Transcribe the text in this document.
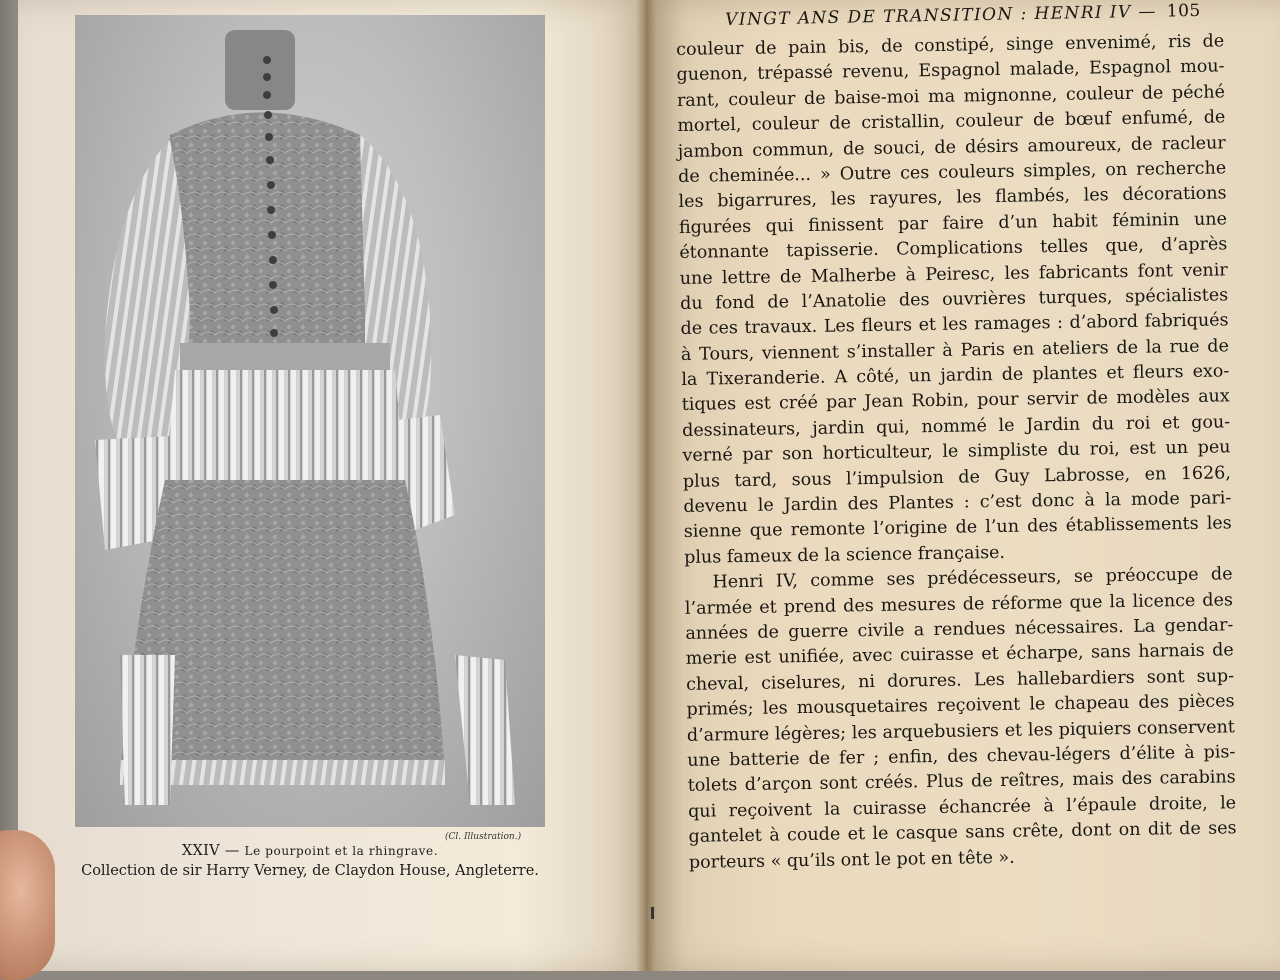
(Cl. Illustration.)
XXIV — Le pourpoint et la rhingrave.
Collection de sir Harry Verney, de Claydon House, Angleterre.
VINGT ANS DE TRANSITION : HENRI IV — 105
couleur de pain bis, de constipé, singe envenimé, ris de
guenon, trépassé revenu, Espagnol malade, Espagnol mou-
rant, couleur de baise-moi ma mignonne, couleur de péché
mortel, couleur de cristallin, couleur de bœuf enfumé, de
jambon commun, de souci, de désirs amoureux, de racleur
de cheminée... » Outre ces couleurs simples, on recherche
les bigarrures, les rayures, les flambés, les décorations
figurées qui finissent par faire d’un habit féminin une
étonnante tapisserie. Complications telles que, d’après
une lettre de Malherbe à Peiresc, les fabricants font venir
du fond de l’Anatolie des ouvrières turques, spécialistes
de ces travaux. Les fleurs et les ramages : d’abord fabriqués
à Tours, viennent s’installer à Paris en ateliers de la rue de
la Tixeranderie. A côté, un jardin de plantes et fleurs exo-
tiques est créé par Jean Robin, pour servir de modèles aux
dessinateurs, jardin qui, nommé le Jardin du roi et gou-
verné par son horticulteur, le simpliste du roi, est un peu
plus tard, sous l’impulsion de Guy Labrosse, en 1626,
devenu le Jardin des Plantes : c’est donc à la mode pari-
sienne que remonte l’origine de l’un des établissements les
plus fameux de la science française.
Henri IV, comme ses prédécesseurs, se préoccupe de
l’armée et prend des mesures de réforme que la licence des
années de guerre civile a rendues nécessaires. La gendar-
merie est unifiée, avec cuirasse et écharpe, sans harnais de
cheval, ciselures, ni dorures. Les hallebardiers sont sup-
primés; les mousquetaires reçoivent le chapeau des pièces
d’armure légères; les arquebusiers et les piquiers conservent
une batterie de fer ; enfin, des chevau-légers d’élite à pis-
tolets d’arçon sont créés. Plus de reîtres, mais des carabins
qui reçoivent la cuirasse échancrée à l’épaule droite, le
gantelet à coude et le casque sans crête, dont on dit de ses
porteurs « qu’ils ont le pot en tête ».
